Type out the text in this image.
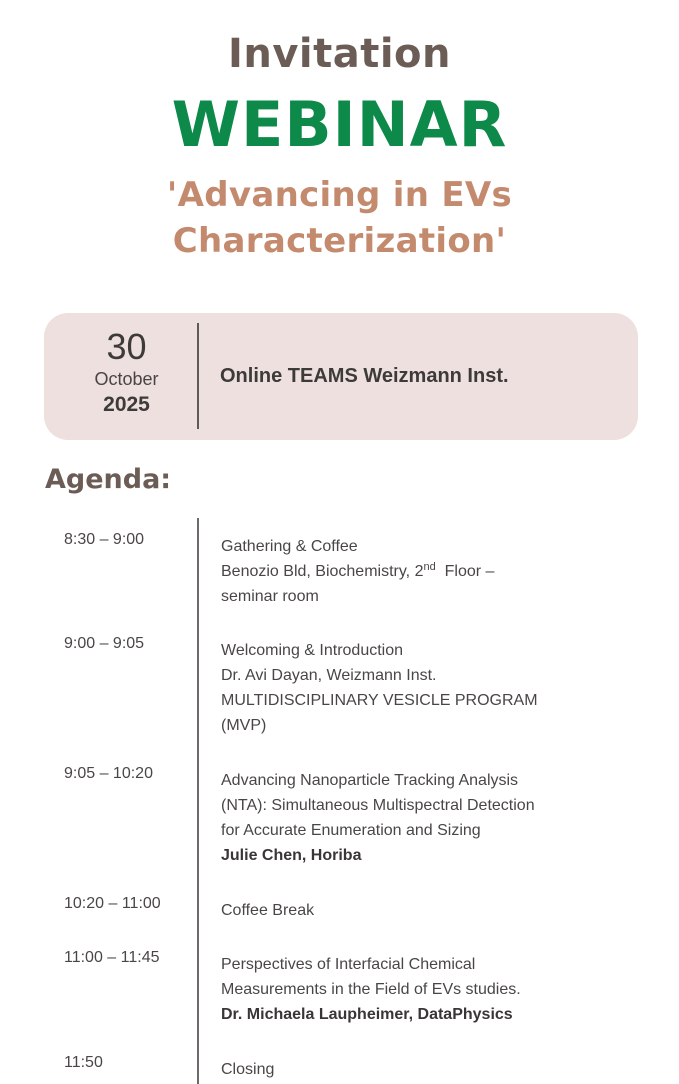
Invitation
WEBINAR
'Advancing in EVs
Characterization'
30
October
2025
Online TEAMS Weizmann Inst.
Agenda:
8:30 – 9:00	Gathering & Coffee
Benozio Bld, Biochemistry, 2nd  Floor –
seminar room
9:00 – 9:05	Welcoming & Introduction
Dr. Avi Dayan, Weizmann Inst.
MULTIDISCIPLINARY VESICLE PROGRAM
(MVP)
9:05 – 10:20	Advancing Nanoparticle Tracking Analysis
(NTA): Simultaneous Multispectral Detection
for Accurate Enumeration and Sizing
Julie Chen, Horiba
10:20 – 11:00	Coffee Break
11:00 – 11:45	Perspectives of Interfacial Chemical
Measurements in the Field of EVs studies.
Dr. Michaela Laupheimer, DataPhysics
11:50	Closing
